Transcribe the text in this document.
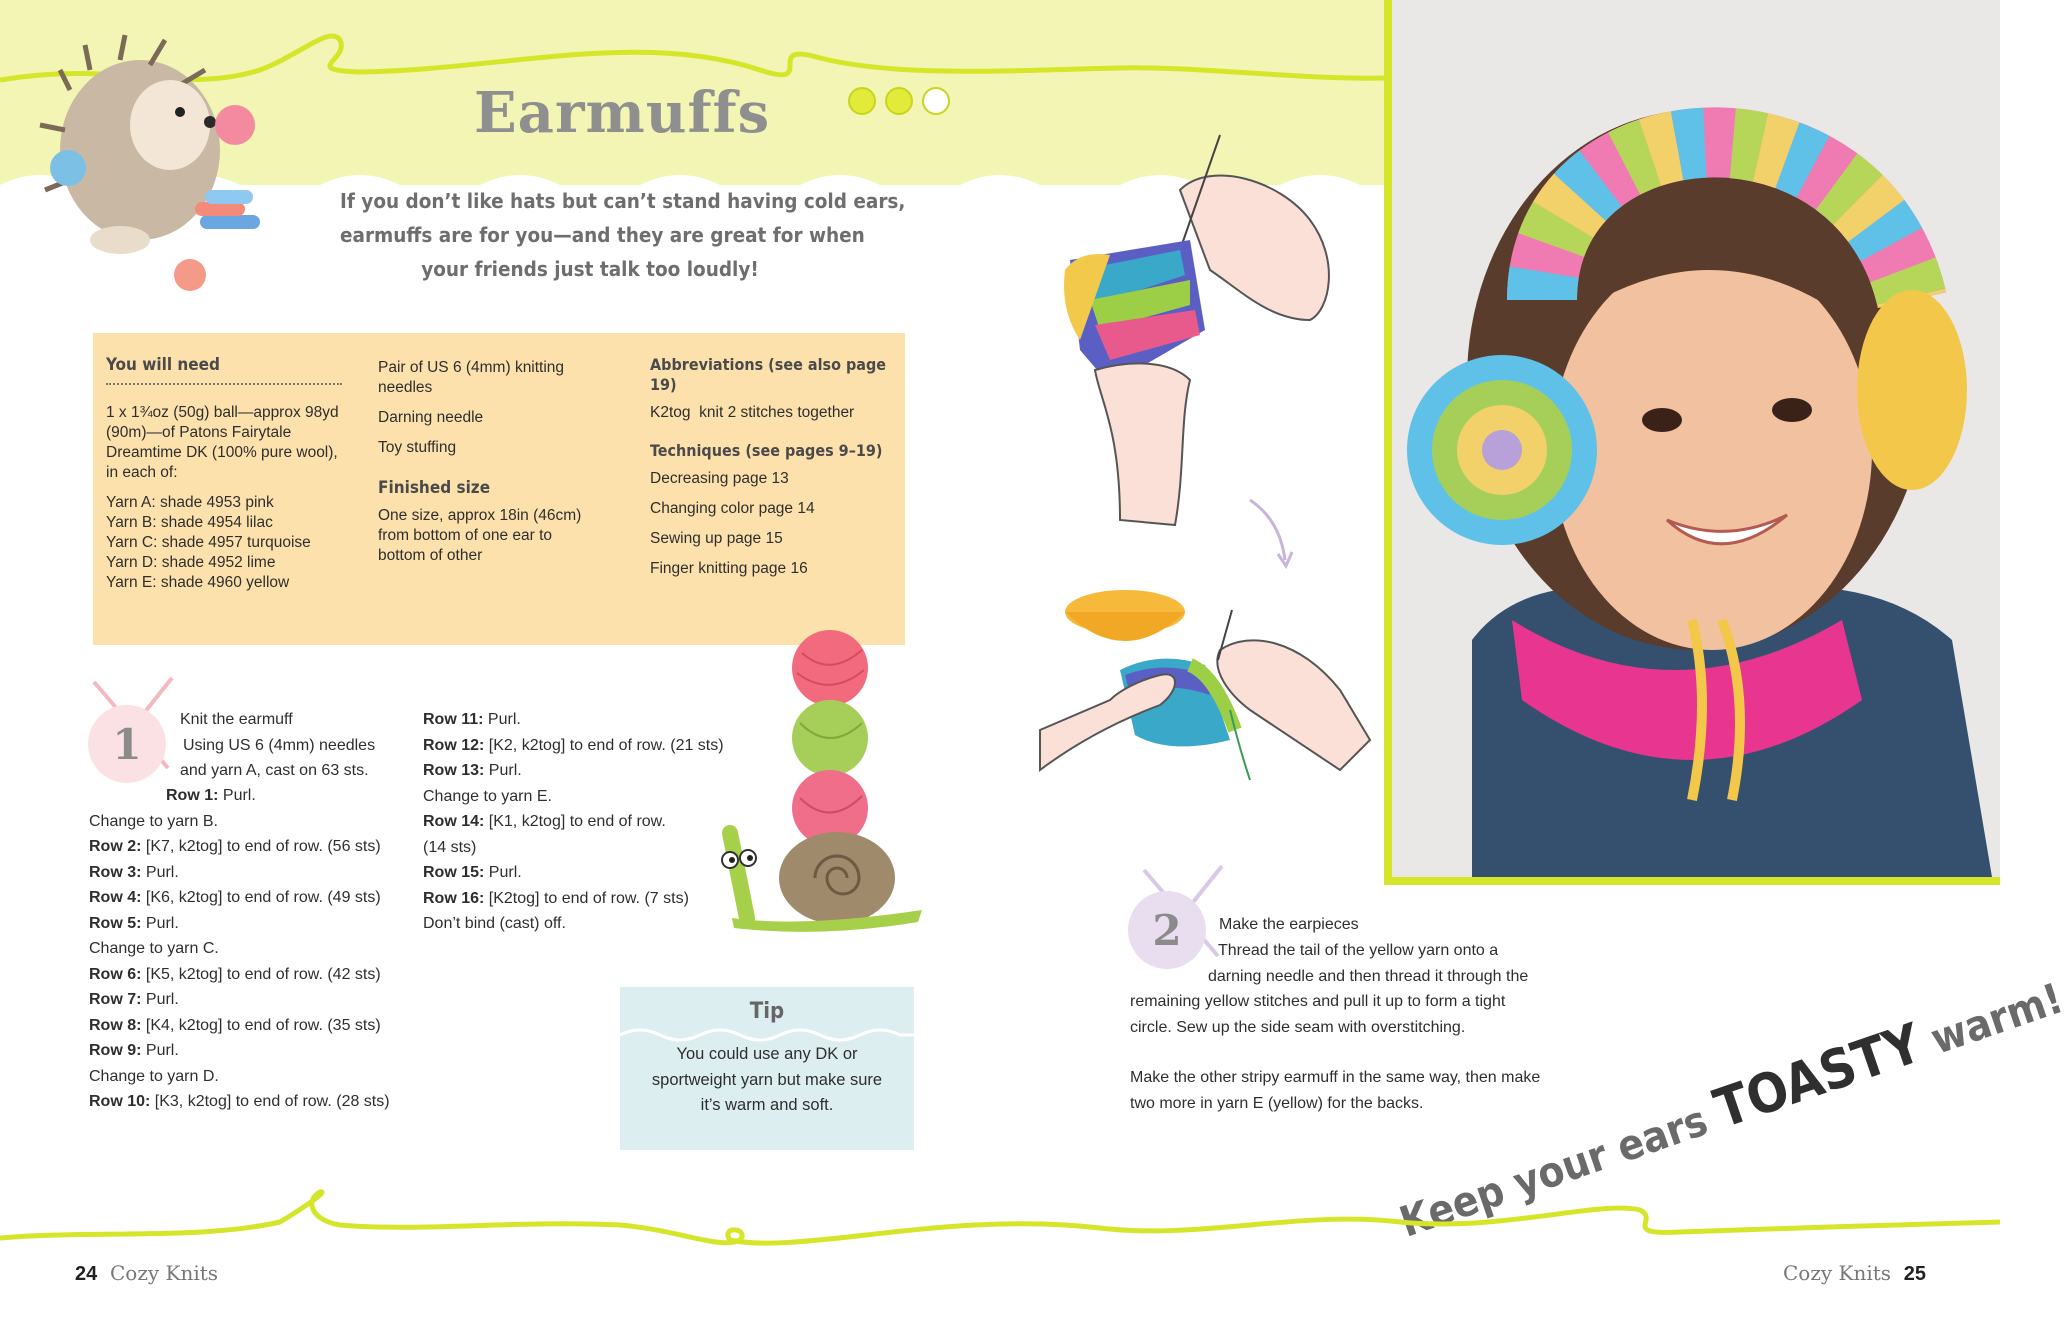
Earmuffs
If you don’t like hats but can’t stand having cold ears,
earmuffs are for you—and they are great for when
your friends just talk too loudly!
You will need

1 x 1¾oz (50g) ball—approx 98yd (90m)—of Patons Fairytale Dreamtime DK (100% pure wool), in each of:

Yarn A: shade 4953 pink
Yarn B: shade 4954 lilac
Yarn C: shade 4957 turquoise
Yarn D: shade 4952 lime
Yarn E: shade 4960 yellow

Pair of US 6 (4mm) knitting needles

Darning needle

Toy stuffing

Finished size

One size, approx 18in (46cm) from bottom of one ear to bottom of other

Abbreviations (see also page 19)

K2tog knit 2 stitches together

Techniques (see pages 9–19)

Decreasing page 13

Changing color page 14

Sewing up page 15

Finger knitting page 16

1
Knit the earmuff
Using US 6 (4mm) needles
and yarn A, cast on 63 sts.
Row 1: Purl.
Change to yarn B.
Row 2: [K7, k2tog] to end of row. (56 sts)
Row 3: Purl.
Row 4: [K6, k2tog] to end of row. (49 sts)
Row 5: Purl.
Change to yarn C.
Row 6: [K5, k2tog] to end of row. (42 sts)
Row 7: Purl.
Row 8: [K4, k2tog] to end of row. (35 sts)
Row 9: Purl.
Change to yarn D.
Row 10: [K3, k2tog] to end of row. (28 sts)
Row 11: Purl.
Row 12: [K2, k2tog] to end of row. (21 sts)
Row 13: Purl.
Change to yarn E.
Row 14: [K1, k2tog] to end of row.
(14 sts)
Row 15: Purl.
Row 16: [K2tog] to end of row. (7 sts)
Don’t bind (cast) off.
Tip
You could use any DK or
sportweight yarn but make sure
it’s warm and soft.
2	Make the earpieces
Thread the tail of the yellow yarn onto a
darning needle and then thread it through the
remaining yellow stitches and pull it up to form a tight
circle. Sew up the side seam with overstitching.
Make the other stripy earmuff in the same way, then make
two more in yarn E (yellow) for the backs.
Keep your ears TOASTY warm!
24 Cozy Knits	Cozy Knits 25
